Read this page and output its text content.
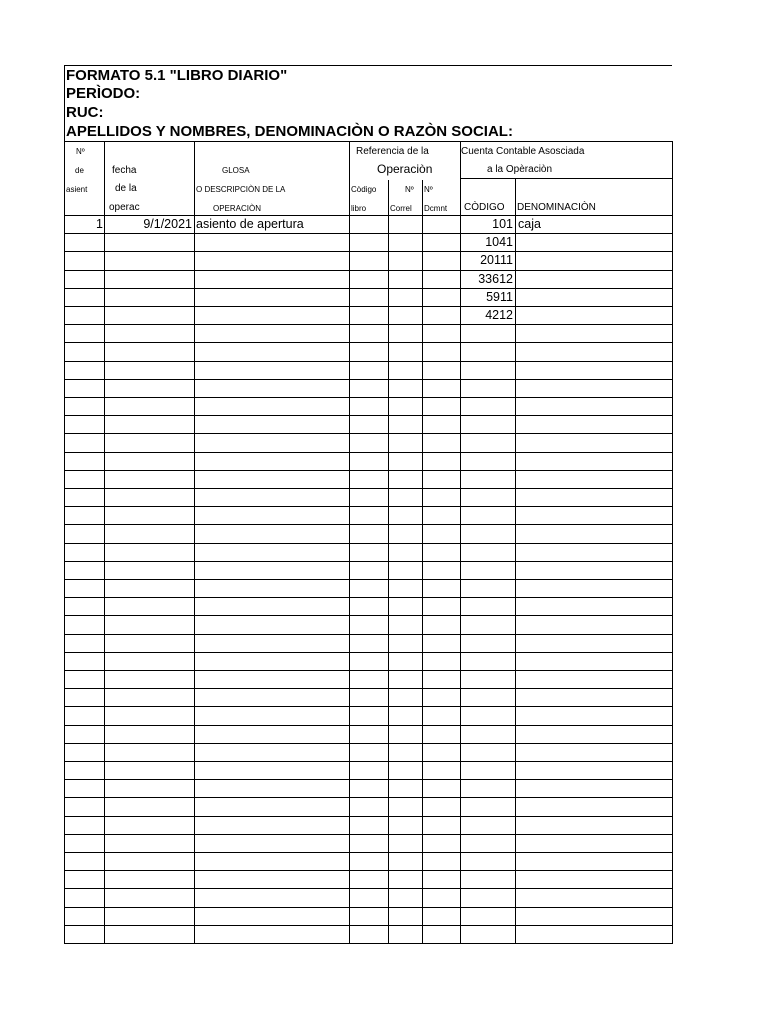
FORMATO 5.1 "LIBRO DIARIO"
PERÌODO:
RUC:
APELLIDOS Y NOMBRES, DENOMINACIÒN O RAZÒN SOCIAL:
Nº
de
asient
fecha
de la
operac
GLOSA
O DESCRIPCIÒN DE LA
OPERACIÒN
Referencia de la
Operaciòn
Còdigo
libro
Nº
Correl
Nº
Dcmnt
Cuenta Contable Asosciada
a la Opèraciòn
CÒDIGO DENOMINACIÒN
1	9/1/2021 asiento de apertura	101 caja
1041
20111
33612
5911
4212
